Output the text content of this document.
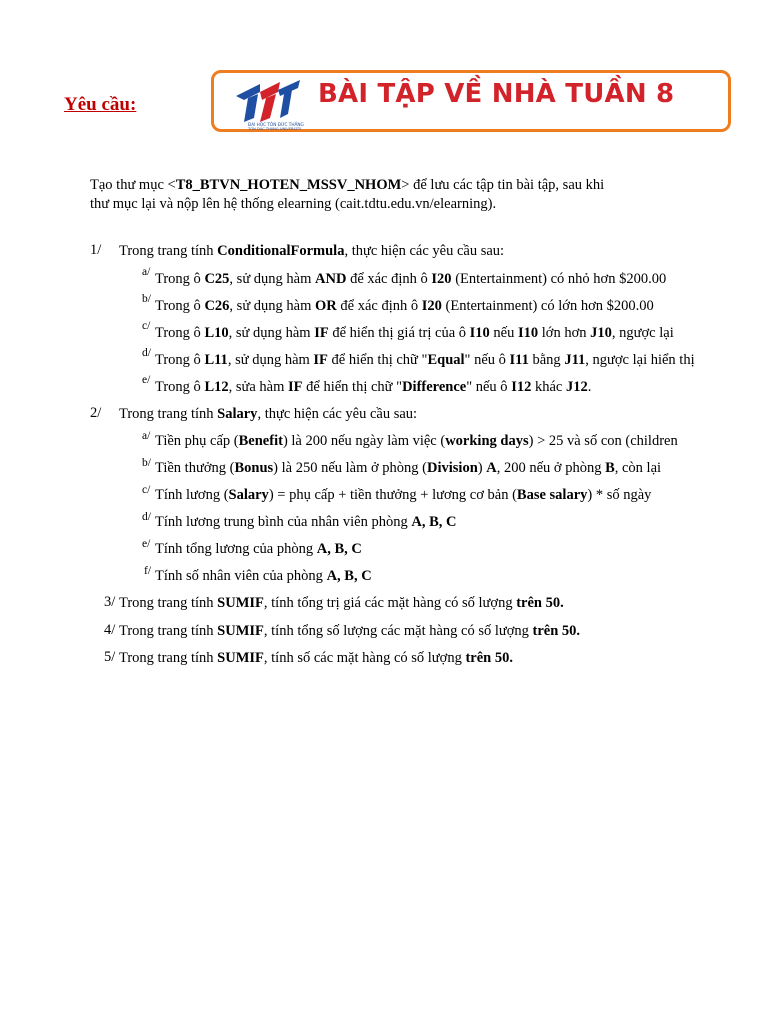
Yêu cầu:
ĐẠI HỌC TÔN ĐỨC THẮNG
TON DUC THANG UNIVERSITY
BÀI TẬP VỀ NHÀ TUẦN 8
Tạo thư mục <T8_BTVN_HOTEN_MSSV_NHOM> để lưu các tập tin bài tập, sau khi
thư mục lại và nộp lên hệ thống elearning (cait.tdtu.edu.vn/elearning).
1/ Trong trang tính ConditionalFormula, thực hiện các yêu cầu sau:
a/ Trong ô C25, sử dụng hàm AND để xác định ô I20 (Entertainment) có nhỏ hơn $200.00
b/ Trong ô C26, sử dụng hàm OR để xác định ô I20 (Entertainment) có lớn hơn $200.00
c/ Trong ô L10, sử dụng hàm IF để hiển thị giá trị của ô I10 nếu I10 lớn hơn J10, ngược lại
d/ Trong ô L11, sử dụng hàm IF để hiển thị chữ "Equal" nếu ô I11 bằng J11, ngược lại hiển thị
e/ Trong ô L12, sửa hàm IF để hiển thị chữ "Difference" nếu ô I12 khác J12.
2/ Trong trang tính Salary, thực hiện các yêu cầu sau:
a/ Tiền phụ cấp (Benefit) là 200 nếu ngày làm việc (working days) > 25 và số con (children
b/ Tiền thưởng (Bonus) là 250 nếu làm ở phòng (Division) A, 200 nếu ở phòng B, còn lại
c/ Tính lương (Salary) = phụ cấp + tiền thưởng + lương cơ bản (Base salary) * số ngày
d/ Tính lương trung bình của nhân viên phòng A, B, C
e/ Tính tổng lương của phòng A, B, C
f/ Tính số nhân viên của phòng A, B, C
3/ Trong trang tính SUMIF, tính tổng trị giá các mặt hàng có số lượng trên 50.
4/ Trong trang tính SUMIF, tính tổng số lượng các mặt hàng có số lượng trên 50.
5/ Trong trang tính SUMIF, tính số các mặt hàng có số lượng trên 50.
